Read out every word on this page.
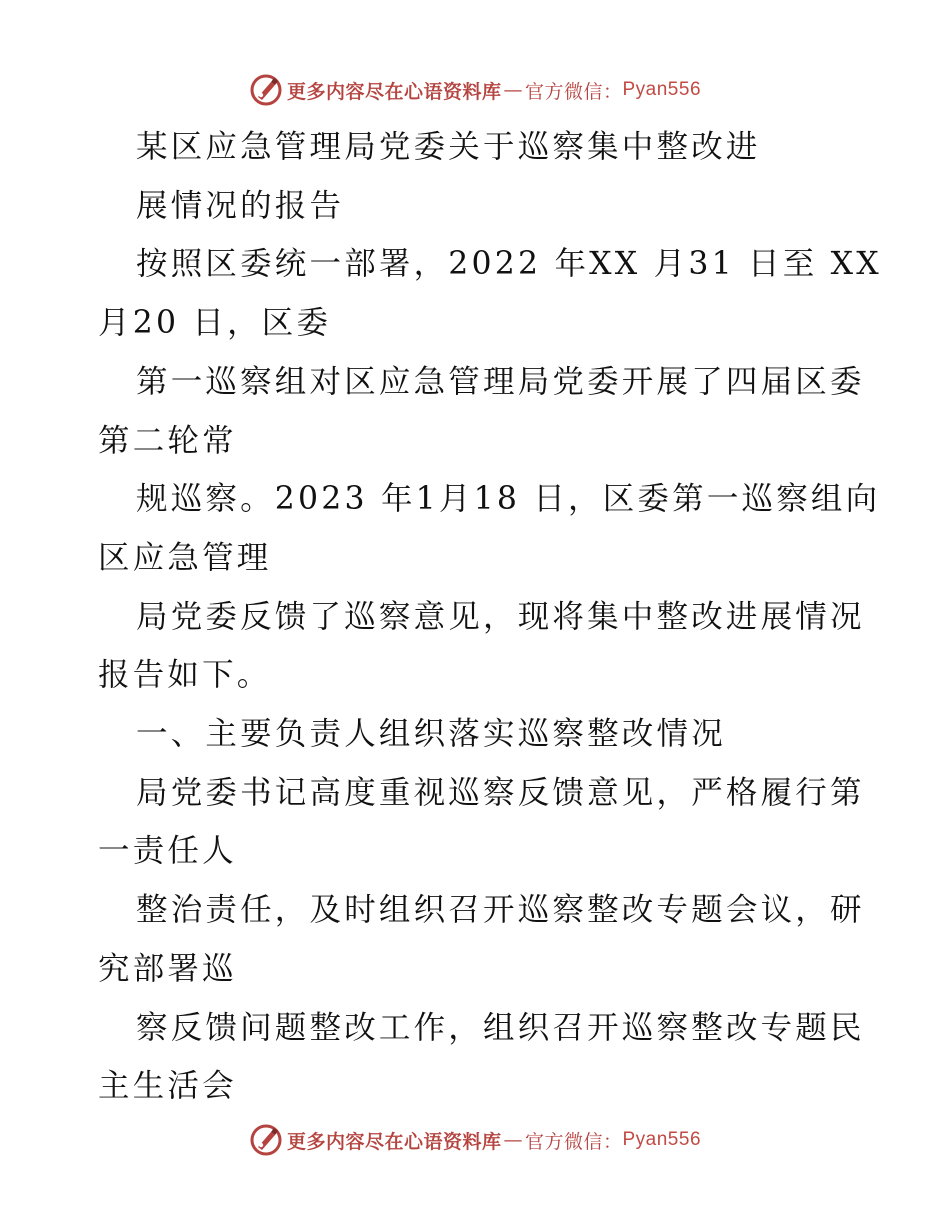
更多内容尽在心语资料库 — 官方微信： Pyan556

某区应急管理局党委关于巡察集中整改进

展情况的报告

按照区委统一部署，2022 年XX 月31 日至 XX

月20 日，区委

第一巡察组对区应急管理局党委开展了四届区委

第二轮常

规巡察。2023 年1月18 日，区委第一巡察组向

区应急管理

局党委反馈了巡察意见，现将集中整改进展情况

报告如下。

一、主要负责人组织落实巡察整改情况

局党委书记高度重视巡察反馈意见，严格履行第

一责任人

整治责任，及时组织召开巡察整改专题会议，研

究部署巡

察反馈问题整改工作，组织召开巡察整改专题民

主生活会

更多内容尽在心语资料库 — 官方微信： Pyan556
